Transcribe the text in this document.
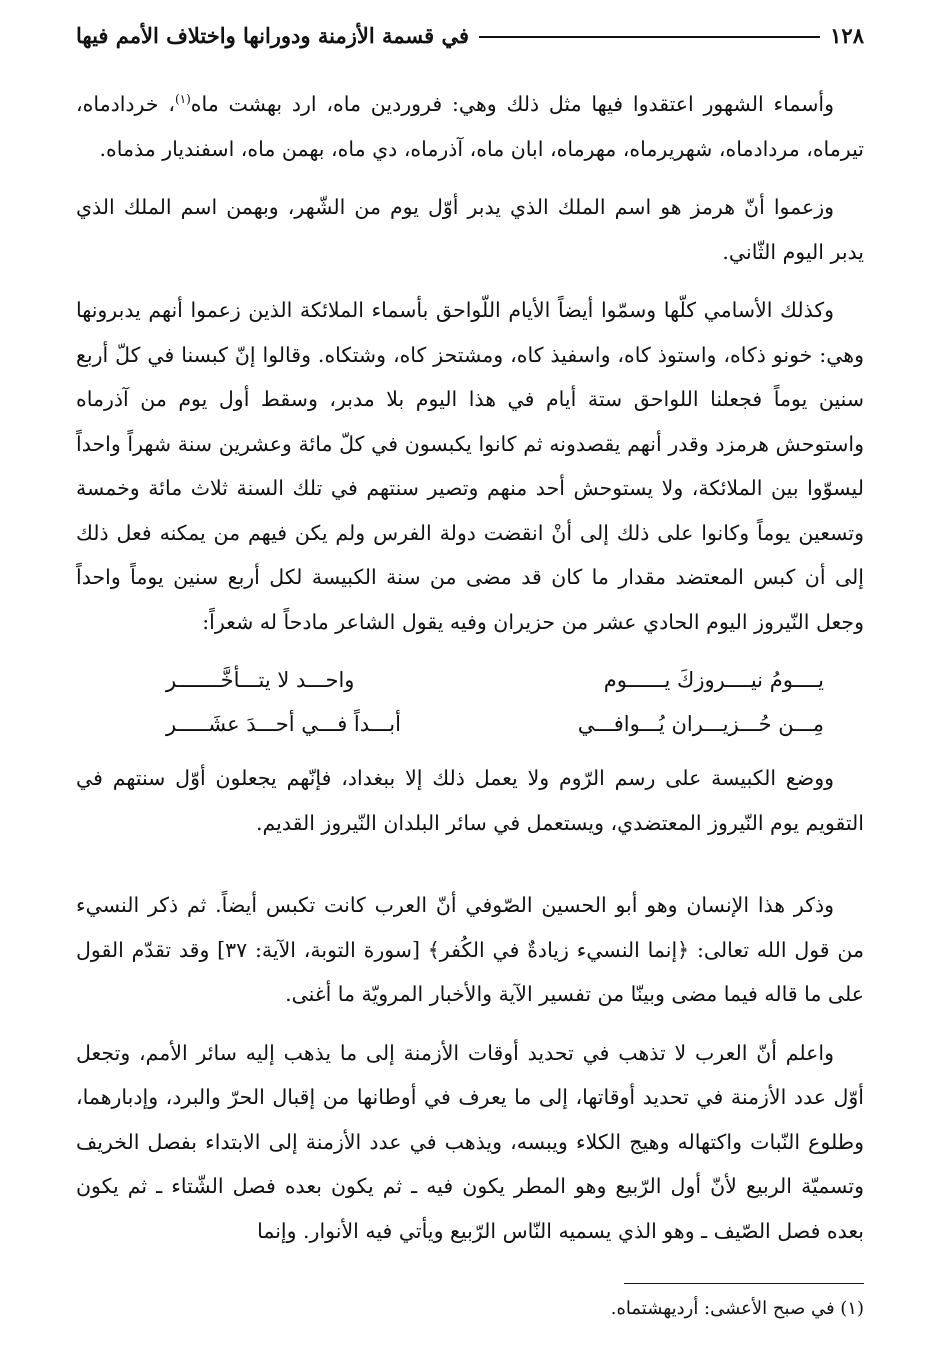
١٢٨
في قسمة الأزمنة ودورانها واختلاف الأمم فيها

وأسماء الشهور اعتقدوا فيها مثل ذلك وهي: فروردين ماه، ارد بهشت ماه$^{(١)}$، خردادماه، تيرماه، مردادماه، شهريرماه، مهرماه، ابان ماه، آذرماه، دي ماه، بهمن ماه، اسفنديار مذماه.

وزعموا أنّ هرمز هو اسم الملك الذي يدبر أوّل يوم من الشّهر، وبهمن اسم الملك الذي يدبر اليوم الثّاني.

وكذلك الأسامي كلّها وسمّوا أيضاً الأيام اللّواحق بأسماء الملائكة الذين زعموا أنهم يدبرونها وهي: خونو ذكاه، واستوذ كاه، واسفيذ كاه، ومشتحز كاه، وشتكاه. وقالوا إنّ كبسنا في كلّ أربع سنين يوماً فجعلنا اللواحق ستة أيام في هذا اليوم بلا مدبر، وسقط أول يوم من آذرماه واستوحش هرمزد وقدر أنهم يقصدونه ثم كانوا يكبسون في كلّ مائة وعشرين سنة شهراً واحداً ليسوّوا بين الملائكة، ولا يستوحش أحد منهم وتصير سنتهم في تلك السنة ثلاث مائة وخمسة وتسعين يوماً وكانوا على ذلك إلى أنْ انقضت دولة الفرس ولم يكن فيهم من يمكنه فعل ذلك إلى أن كبس المعتضد مقدار ما كان قد مضى من سنة الكبيسة لكل أربع سنين يوماً واحداً وجعل النّيروز اليوم الحادي عشر من حزيران وفيه يقول الشاعر مادحاً له شعراً:

يــــومُ نيــــروزكَ يــــــوم
واحـــد لا يتـــأخَّـــــــر
مِـــن حُـــزيـــران يُـــوافـــي
أبـــداً فـــي أحـــدَ عشَـــــر

ووضع الكبيسة على رسم الرّوم ولا يعمل ذلك إلا ببغداد، فإنّهم يجعلون أوّل سنتهم في التقويم يوم النّيروز المعتضدي، ويستعمل في سائر البلدان النّيروز القديم.

وذكر هذا الإنسان وهو أبو الحسين الصّوفي أنّ العرب كانت تكبس أيضاً. ثم ذكر النسيء من قول الله تعالى: ﴿إنما النسيء زيادةٌ في الكُفر﴾ [سورة التوبة، الآية: ٣٧] وقد تقدّم القول على ما قاله فيما مضى وبينّا من تفسير الآية والأخبار المرويّة ما أغنى.

واعلم أنّ العرب لا تذهب في تحديد أوقات الأزمنة إلى ما يذهب إليه سائر الأمم، وتجعل أوّل عدد الأزمنة في تحديد أوقاتها، إلى ما يعرف في أوطانها من إقبال الحرّ والبرد، وإدبارهما، وطلوع النّبات واكتهاله وهيج الكلاء ويبسه، ويذهب في عدد الأزمنة إلى الابتداء بفصل الخريف وتسميّة الربيع لأنّ أول الرّبيع وهو المطر يكون فيه ـ ثم يكون بعده فصل الشّتاء ـ ثم يكون بعده فصل الصّيف ـ وهو الذي يسميه النّاس الرّبيع ويأتي فيه الأنوار. وإنما

(١) في صبح الأعشى: أرديهشتماه.
